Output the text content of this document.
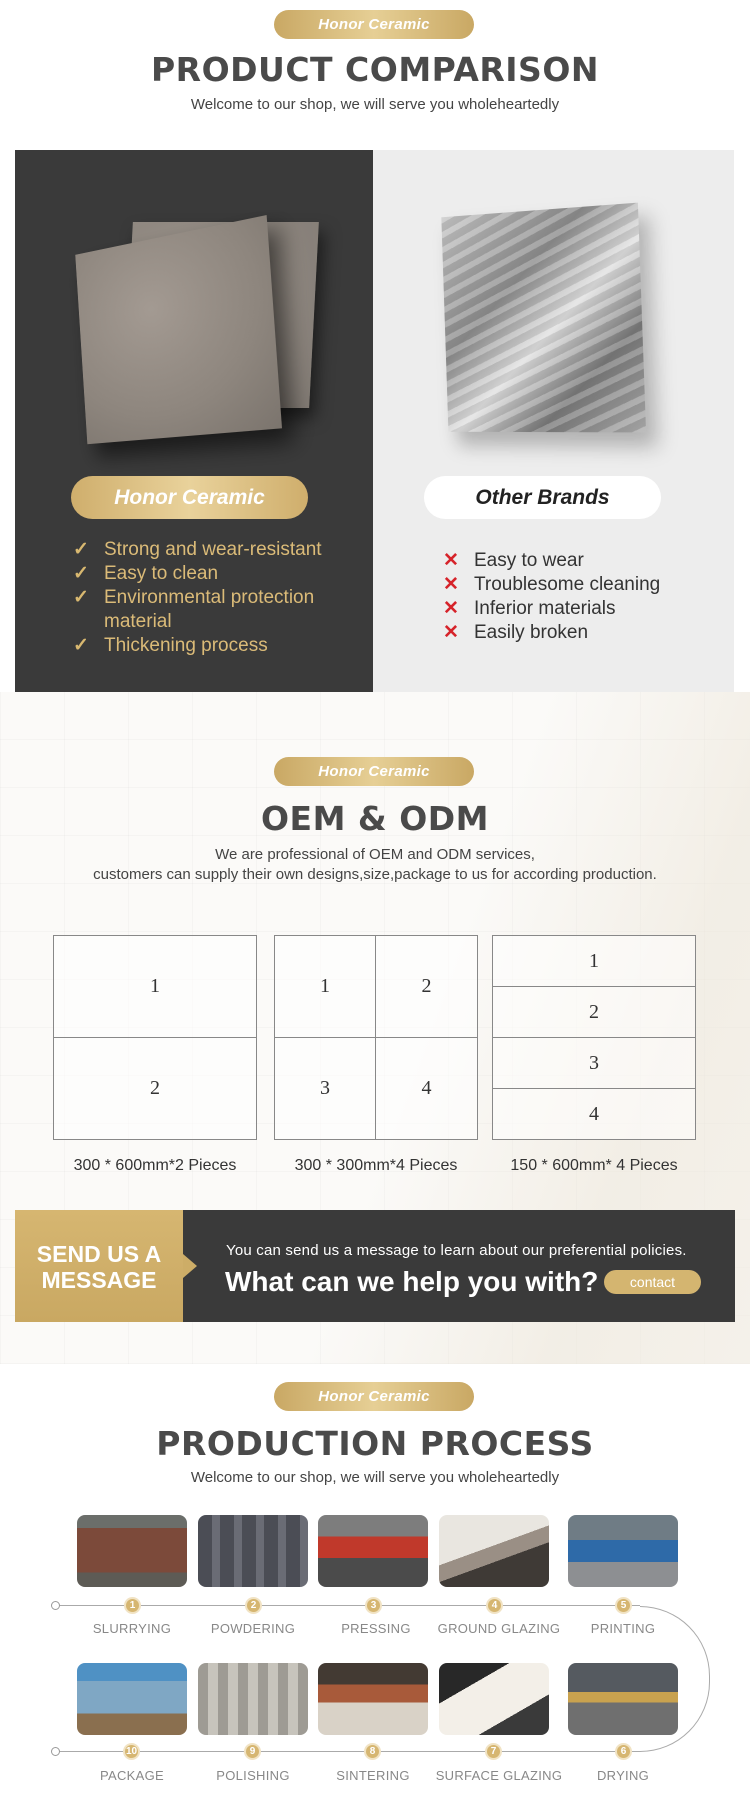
Honor Ceramic
PRODUCT COMPARISON
Welcome to our shop, we will serve you wholeheartedly
Honor Ceramic	Other Brands
✓ Strong and wear-resistant
✓ Easy to clean
✓ Environmental protection material
✓ Thickening process
✕ Easy to wear
✕ Troublesome cleaning
✕ Inferior materials
✕ Easily broken
Honor Ceramic
OEM & ODM
We are professional of OEM and ODM services,
customers can supply their own designs,size,package to us for according production.
1
2
1	2
3	4
1
2
3
4
300 * 600mm*2 Pieces	300 * 300mm*4 Pieces	150 * 600mm* 4 Pieces
SEND US A MESSAGE
You can send us a message to learn about our preferential policies.
What can we help you with?	contact
Honor Ceramic
PRODUCTION PROCESS
Welcome to our shop, we will serve you wholeheartedly
1	2	3	4	5
SLURRYING	POWDERING	PRESSING	GROUND GLAZING	PRINTING
10	9	8	7	6
PACKAGE	POLISHING	SINTERING	SURFACE GLAZING	DRYING
